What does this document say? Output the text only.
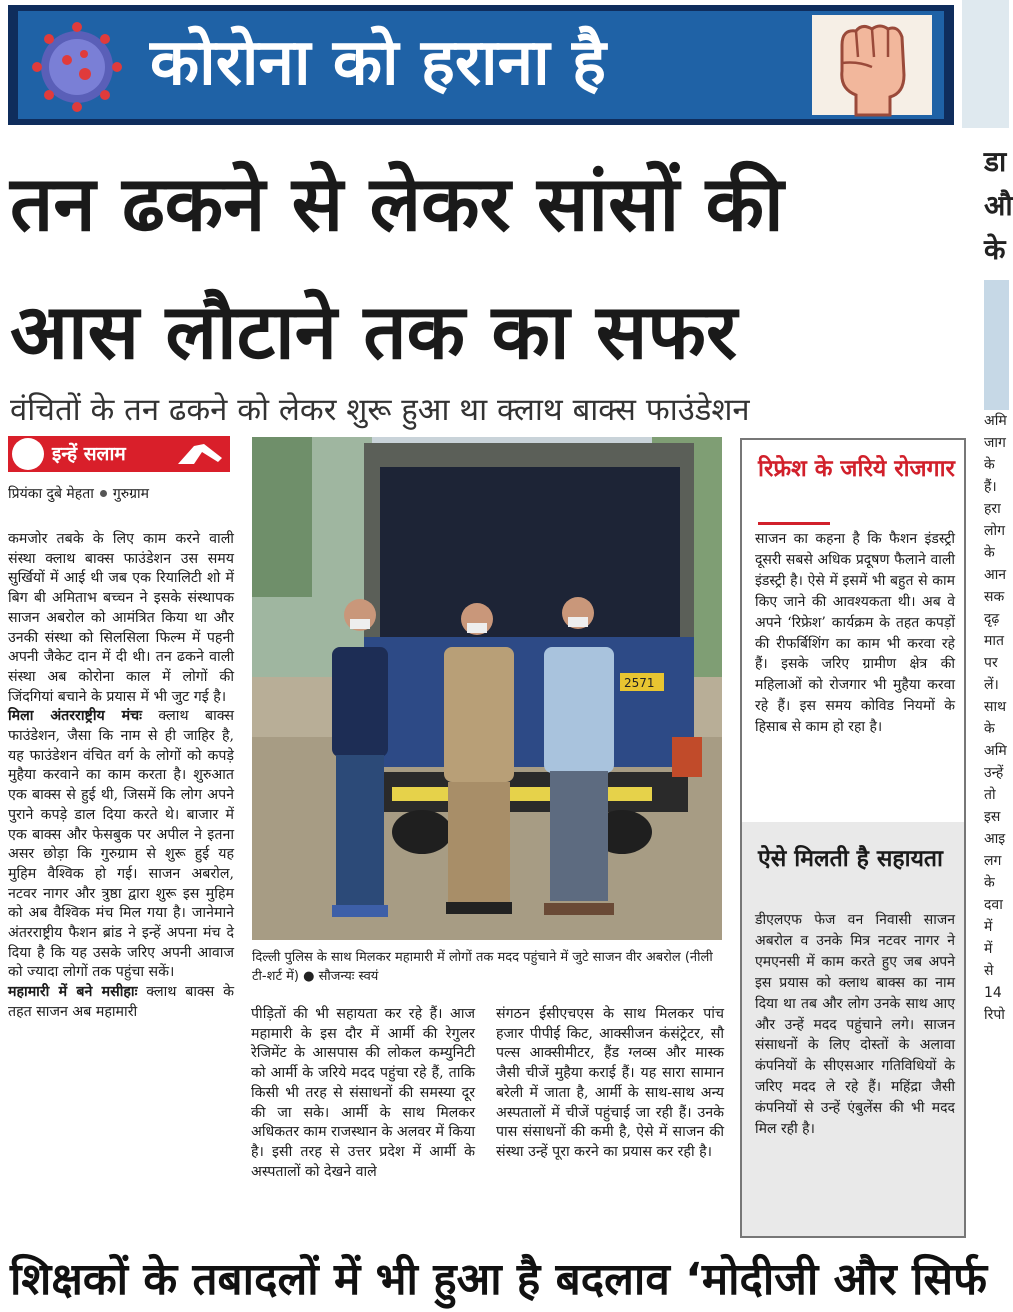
कोरोना को हराना है
तन ढकने से लेकर सांसों की
आस लौटाने तक का सफर
वंचितों के तन ढकने को लेकर शुरू हुआ था क्लाथ बाक्स फाउंडेशन
डा औ के
अमि
जाग
के
हैं।
हरा
लोग
के
आन
सक
दृढ़
मात
पर
लें।
साथ
के
अमि
उन्हें
तो
इस
आइ
लग
के
दवा
में
में
से
14
रिपो
इन्हें सलाम
प्रियंका दुबे मेहता गुरुग्राम
कमजोर तबके के लिए काम करने वाली संस्था क्लाथ बाक्स फाउंडेशन उस समय सुर्खियों में आई थी जब एक रियालिटी शो में बिग बी अमिताभ बच्चन ने इसके संस्थापक साजन अबरोल को आमंत्रित किया था और उनकी संस्था को सिलसिला फिल्म में पहनी अपनी जैकेट दान में दी थी। तन ढकने वाली संस्था अब कोरोना काल में लोगों की जिंदगियां बचाने के प्रयास में भी जुट गई है।
मिला अंतरराष्ट्रीय मंचः क्लाथ बाक्स फाउंडेशन, जैसा कि नाम से ही जाहिर है, यह फाउंडेशन वंचित वर्ग के लोगों को कपड़े मुहैया करवाने का काम करता है। शुरुआत एक बाक्स से हुई थी, जिसमें कि लोग अपने पुराने कपड़े डाल दिया करते थे। बाजार में एक बाक्स और फेसबुक पर अपील ने इतना असर छोड़ा कि गुरुग्राम से शुरू हुई यह मुहिम वैश्विक हो गई। साजन अबरोल, नटवर नागर और त्रुष्ठा द्वारा शुरू इस मुहिम को अब वैश्विक मंच मिल गया है। जानेमाने अंतरराष्ट्रीय फैशन ब्रांड ने इन्हें अपना मंच दे दिया है कि यह उसके जरिए अपनी आवाज को ज्यादा लोगों तक पहुंचा सकें।
महामारी में बने मसीहाः क्लाथ बाक्स के तहत साजन अब महामारी
2571
दिल्ली पुलिस के साथ मिलकर महामारी में लोगों तक मदद पहुंचाने में जुटे साजन वीर अबरोल (नीली टी-शर्ट में) ● सौजन्यः स्वयं
पीड़ितों की भी सहायता कर रहे हैं। आज महामारी के इस दौर में आर्मी की रेगुलर रेजिमेंट के आसपास की लोकल कम्युनिटी को आर्मी के जरिये मदद पहुंचा रहे हैं, ताकि किसी भी तरह से संसाधनों की समस्या दूर की जा सके। आर्मी के साथ मिलकर अधिकतर काम राजस्थान के अलवर में किया है। इसी तरह से उत्तर प्रदेश में आर्मी के अस्पतालों को देखने वाले
संगठन ईसीएचएस के साथ मिलकर पांच हजार पीपीई किट, आक्सीजन कंसंट्रेटर, सौ पल्स आक्सीमीटर, हैंड ग्लव्स और मास्क जैसी चीजें मुहैया कराई हैं। यह सारा सामान बरेली में जाता है, आर्मी के साथ-साथ अन्य अस्पतालों में चीजें पहुंचाई जा रही हैं। उनके पास संसाधनों की कमी है, ऐसे में साजन की संस्था उन्हें पूरा करने का प्रयास कर रही है।
रिफ्रेश के जरिये रोजगार
साजन का कहना है कि फैशन इंडस्ट्री दूसरी सबसे अधिक प्रदूषण फैलाने वाली इंडस्ट्री है। ऐसे में इसमें भी बहुत से काम किए जाने की आवश्यकता थी। अब वे अपने ‘रिफ्रेश’ कार्यक्रम के तहत कपड़ों की रीफर्बिशिंग का काम भी करवा रहे हैं। इसके जरिए ग्रामीण क्षेत्र की महिलाओं को रोजगार भी मुहैया करवा रहे हैं। इस समय कोविड नियमों के हिसाब से काम हो रहा है।
ऐसे मिलती है सहायता
डीएलएफ फेज वन निवासी साजन अबरोल व उनके मित्र नटवर नागर ने एमएनसी में काम करते हुए जब अपने इस प्रयास को क्लाथ बाक्स का नाम दिया था तब और लोग उनके साथ आए और उन्हें मदद पहुंचाने लगे। साजन संसाधनों के लिए दोस्तों के अलावा कंपनियों के सीएसआर गतिविधियों के जरिए मदद ले रहे हैं। महिंद्रा जैसी कंपनियों से उन्हें एंबुलेंस की भी मदद मिल रही है।
शिक्षकों के तबादलों में भी हुआ है बदलाव ‘मोदीजी और सिर्फ
